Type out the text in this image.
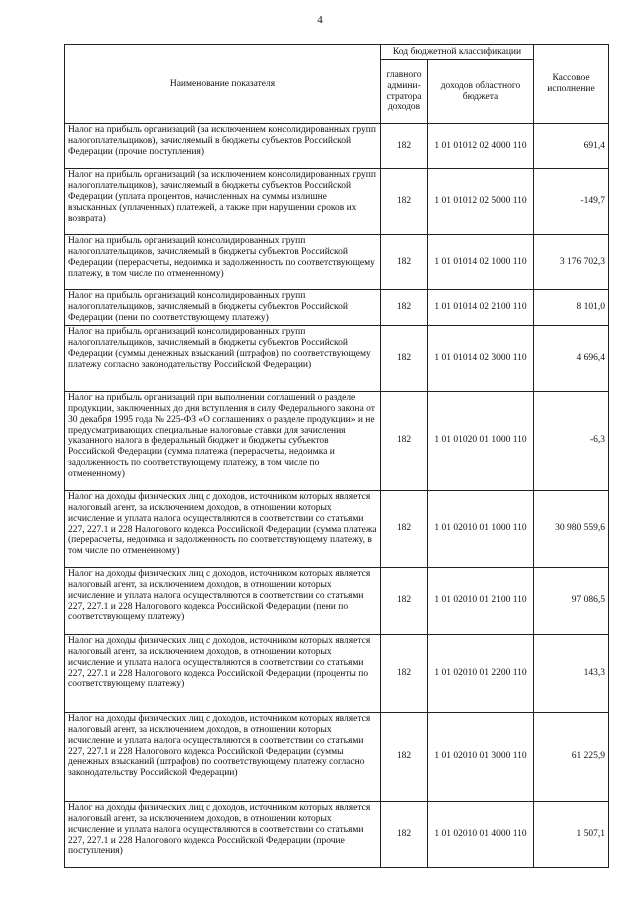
4
Наименование показателя	Код бюджетной классификации		Кассовое исполнение
	главного админи-стратора доходов	доходов областного бюджета	
Налог на прибыль организаций (за исключением консолидированных групп налогоплательщиков), зачисляемый в бюджеты субъектов Российской Федерации (прочие поступления)	182	1 01 01012 02 4000 110	691,4
Налог на прибыль организаций (за исключением консолидированных групп налогоплательщиков), зачисляемый в бюджеты субъектов Российской Федерации (уплата процентов, начисленных на суммы излишне взысканных (уплаченных) платежей, а также при нарушении сроков их возврата)	182	1 01 01012 02 5000 110	-149,7
Налог на прибыль организаций консолидированных групп налогоплательщиков, зачисляемый в бюджеты субъектов Российской Федерации (перерасчеты, недоимка и задолженность по соответствующему платежу, в том числе по отмененному)	182	1 01 01014 02 1000 110	3 176 702,3
Налог на прибыль организаций консолидированных групп налогоплательщиков, зачисляемый в бюджеты субъектов Российской Федерации (пени по соответствующему платежу)	182	1 01 01014 02 2100 110	8 101,0
Налог на прибыль организаций консолидированных групп налогоплательщиков, зачисляемый в бюджеты субъектов Российской Федерации (суммы денежных взысканий (штрафов) по соответствующему платежу согласно законодательству Российской Федерации)	182	1 01 01014 02 3000 110	4 696,4
Налог на прибыль организаций при выполнении соглашений о разделе продукции, заключенных до дня вступления в силу Федерального закона от 30 декабря 1995 года № 225-ФЗ «О соглашениях о разделе продукции» и не предусматривающих специальные налоговые ставки для зачисления указанного налога в федеральный бюджет и бюджеты субъектов Российской Федерации (сумма платежа (перерасчеты, недоимка и задолженность по соответствующему платежу, в том числе по отмененному)	182	1 01 01020 01 1000 110	-6,3
Налог на доходы физических лиц с доходов, источником которых является налоговый агент, за исключением доходов, в отношении которых исчисление и уплата налога осуществляются в соответствии со статьями 227, 227.1 и 228 Налогового кодекса Российской Федерации (сумма платежа (перерасчеты, недоимка и задолженность по соответствующему платежу, в том числе по отмененному)	182	1 01 02010 01 1000 110	30 980 559,6
Налог на доходы физических лиц с доходов, источником которых является налоговый агент, за исключением доходов, в отношении которых исчисление и уплата налога осуществляются в соответствии со статьями 227, 227.1 и 228 Налогового кодекса Российской Федерации (пени по соответствующему платежу)	182	1 01 02010 01 2100 110	97 086,5
Налог на доходы физических лиц с доходов, источником которых является налоговый агент, за исключением доходов, в отношении которых исчисление и уплата налога осуществляются в соответствии со статьями 227, 227.1 и 228 Налогового кодекса Российской Федерации (проценты по соответствующему платежу)	182	1 01 02010 01 2200 110	143,3
Налог на доходы физических лиц с доходов, источником которых является налоговый агент, за исключением доходов, в отношении которых исчисление и уплата налога осуществляются в соответствии со статьями 227, 227.1 и 228 Налогового кодекса Российской Федерации (суммы денежных взысканий (штрафов) по соответствующему платежу согласно законодательству Российской Федерации)	182	1 01 02010 01 3000 110	61 225,9
Налог на доходы физических лиц с доходов, источником которых является налоговый агент, за исключением доходов, в отношении которых исчисление и уплата налога осуществляются в соответствии со статьями 227, 227.1 и 228 Налогового кодекса Российской Федерации (прочие поступления)	182	1 01 02010 01 4000 110	1 507,1
